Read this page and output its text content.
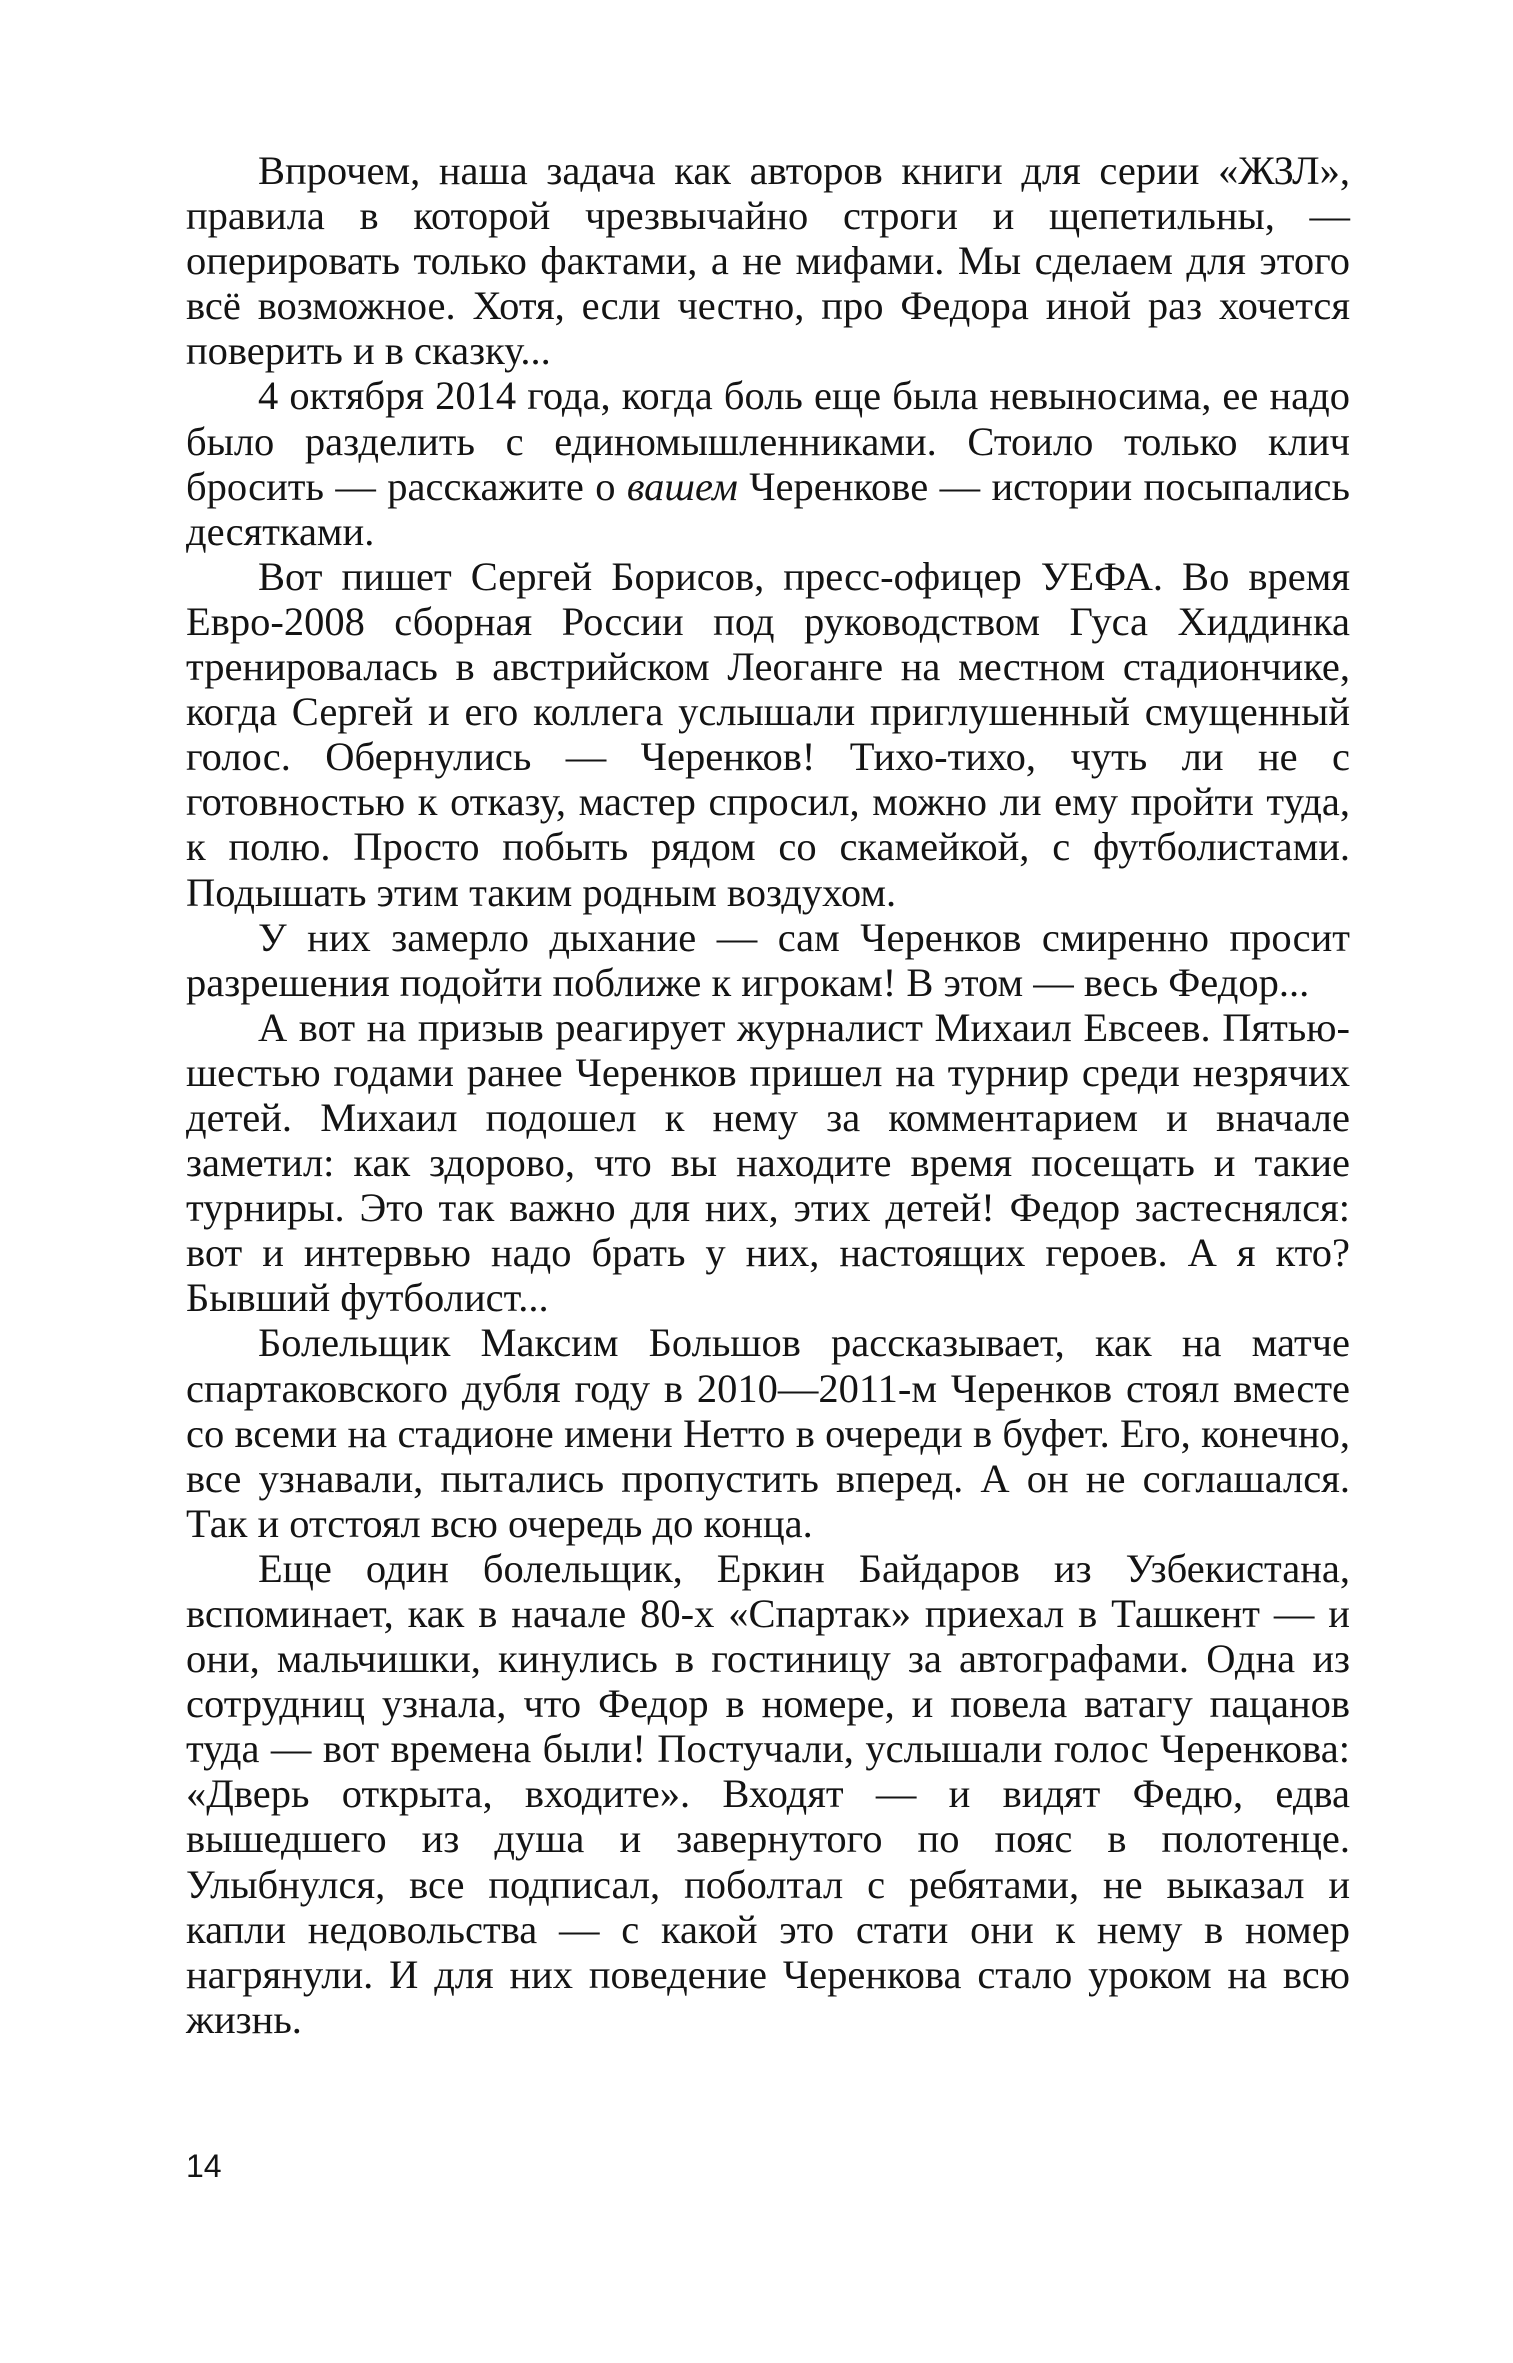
Впрочем, наша задача как авторов книги для серии «ЖЗЛ», правила в которой чрезвычайно строги и щепетильны, — оперировать только фактами, а не мифами. Мы сделаем для этого всё возможное. Хотя, если честно, про Федора иной раз хочется поверить и в сказку...

4 октября 2014 года, когда боль еще была невыносима, ее надо было разделить с единомышленниками. Стоило только клич бросить — расскажите о вашем Черенкове — истории посыпались десятками.

Вот пишет Сергей Борисов, пресс-офицер УЕФА. Во время Евро-2008 сборная России под руководством Гуса Хиддинка тренировалась в австрийском Леоганге на местном стадиончике, когда Сергей и его коллега услышали приглушенный смущенный голос. Обернулись — Черенков! Тихо-тихо, чуть ли не с готовностью к отказу, мастер спросил, можно ли ему пройти туда, к полю. Просто побыть рядом со скамейкой, с футболистами. Подышать этим таким родным воздухом.

У них замерло дыхание — сам Черенков смиренно просит разрешения подойти поближе к игрокам! В этом — весь Федор...

А вот на призыв реагирует журналист Михаил Евсеев. Пятью-шестью годами ранее Черенков пришел на турнир среди незрячих детей. Михаил подошел к нему за комментарием и вначале заметил: как здорово, что вы находите время посещать и такие турниры. Это так важно для них, этих детей! Федор застеснялся: вот и интервью надо брать у них, настоящих героев. А я кто? Бывший футболист...

Болельщик Максим Большов рассказывает, как на матче спартаковского дубля году в 2010—2011-м Черенков стоял вместе со всеми на стадионе имени Нетто в очереди в буфет. Его, конечно, все узнавали, пытались пропустить вперед. А он не соглашался. Так и отстоял всю очередь до конца.

Еще один болельщик, Еркин Байдаров из Узбекистана, вспоминает, как в начале 80-х «Спартак» приехал в Ташкент — и они, мальчишки, кинулись в гостиницу за автографами. Одна из сотрудниц узнала, что Федор в номере, и повела ватагу пацанов туда — вот времена были! Постучали, услышали голос Черенкова: «Дверь открыта, входите». Входят — и видят Федю, едва вышедшего из душа и завернутого по пояс в полотенце. Улыбнулся, все подписал, поболтал с ребятами, не выказал и капли недовольства — с какой это стати они к нему в номер нагрянули. И для них поведение Черенкова стало уроком на всю жизнь.

14
